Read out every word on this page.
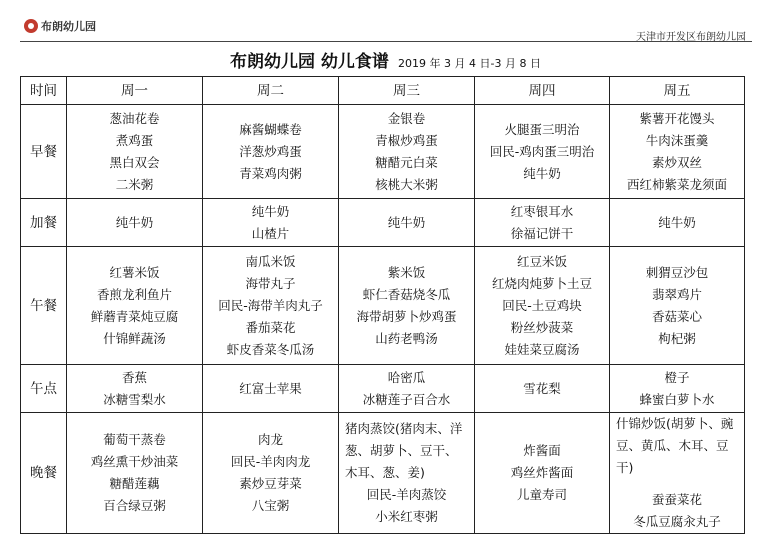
布朗幼儿园
天津市开发区布朗幼儿园
布朗幼儿园 幼儿食谱 2019 年 3 月 4 日-3 月 8 日
时间	周一	周二	周三	周四	周五
早餐	葱油花卷
煮鸡蛋
黑白双会
二米粥	麻酱蝴蝶卷
洋葱炒鸡蛋
青菜鸡肉粥	金银卷
青椒炒鸡蛋
糖醋元白菜
核桃大米粥	火腿蛋三明治
回民-鸡肉蛋三明治
纯牛奶	紫薯开花馒头
牛肉沫蛋羹
素炒双丝
西红柿紫菜龙须面

加餐	纯牛奶	纯牛奶
山楂片	纯牛奶	红枣银耳水
徐福记饼干	纯牛奶

午餐	红薯米饭
香煎龙利鱼片
鲜蘑青菜炖豆腐
什锦鲜蔬汤	南瓜米饭
海带丸子
回民-海带羊肉丸子
番茄菜花
虾皮香菜冬瓜汤	紫米饭
虾仁香菇烧冬瓜
海带胡萝卜炒鸡蛋
山药老鸭汤	红豆米饭
红烧肉炖萝卜土豆
回民-土豆鸡块
粉丝炒菠菜
娃娃菜豆腐汤	刺猬豆沙包
翡翠鸡片
香菇菜心
枸杞粥

午点	香蕉
冰糖雪梨水	红富士苹果	哈密瓜
冰糖莲子百合水	雪花梨	橙子
蜂蜜白萝卜水

晚餐	葡萄干蒸卷
鸡丝熏干炒油菜
糖醋莲藕
百合绿豆粥	肉龙
回民-羊肉肉龙
素炒豆芽菜
八宝粥	猪肉蒸饺(猪肉末、洋
葱、胡萝卜、豆干、
木耳、葱、姜)
回民-羊肉蒸饺
小米红枣粥	炸酱面
鸡丝炸酱面
儿童寿司	什锦炒饭(胡萝卜、豌
豆、黄瓜、木耳、豆
干)
蚕蚕菜花
冬瓜豆腐汆丸子
